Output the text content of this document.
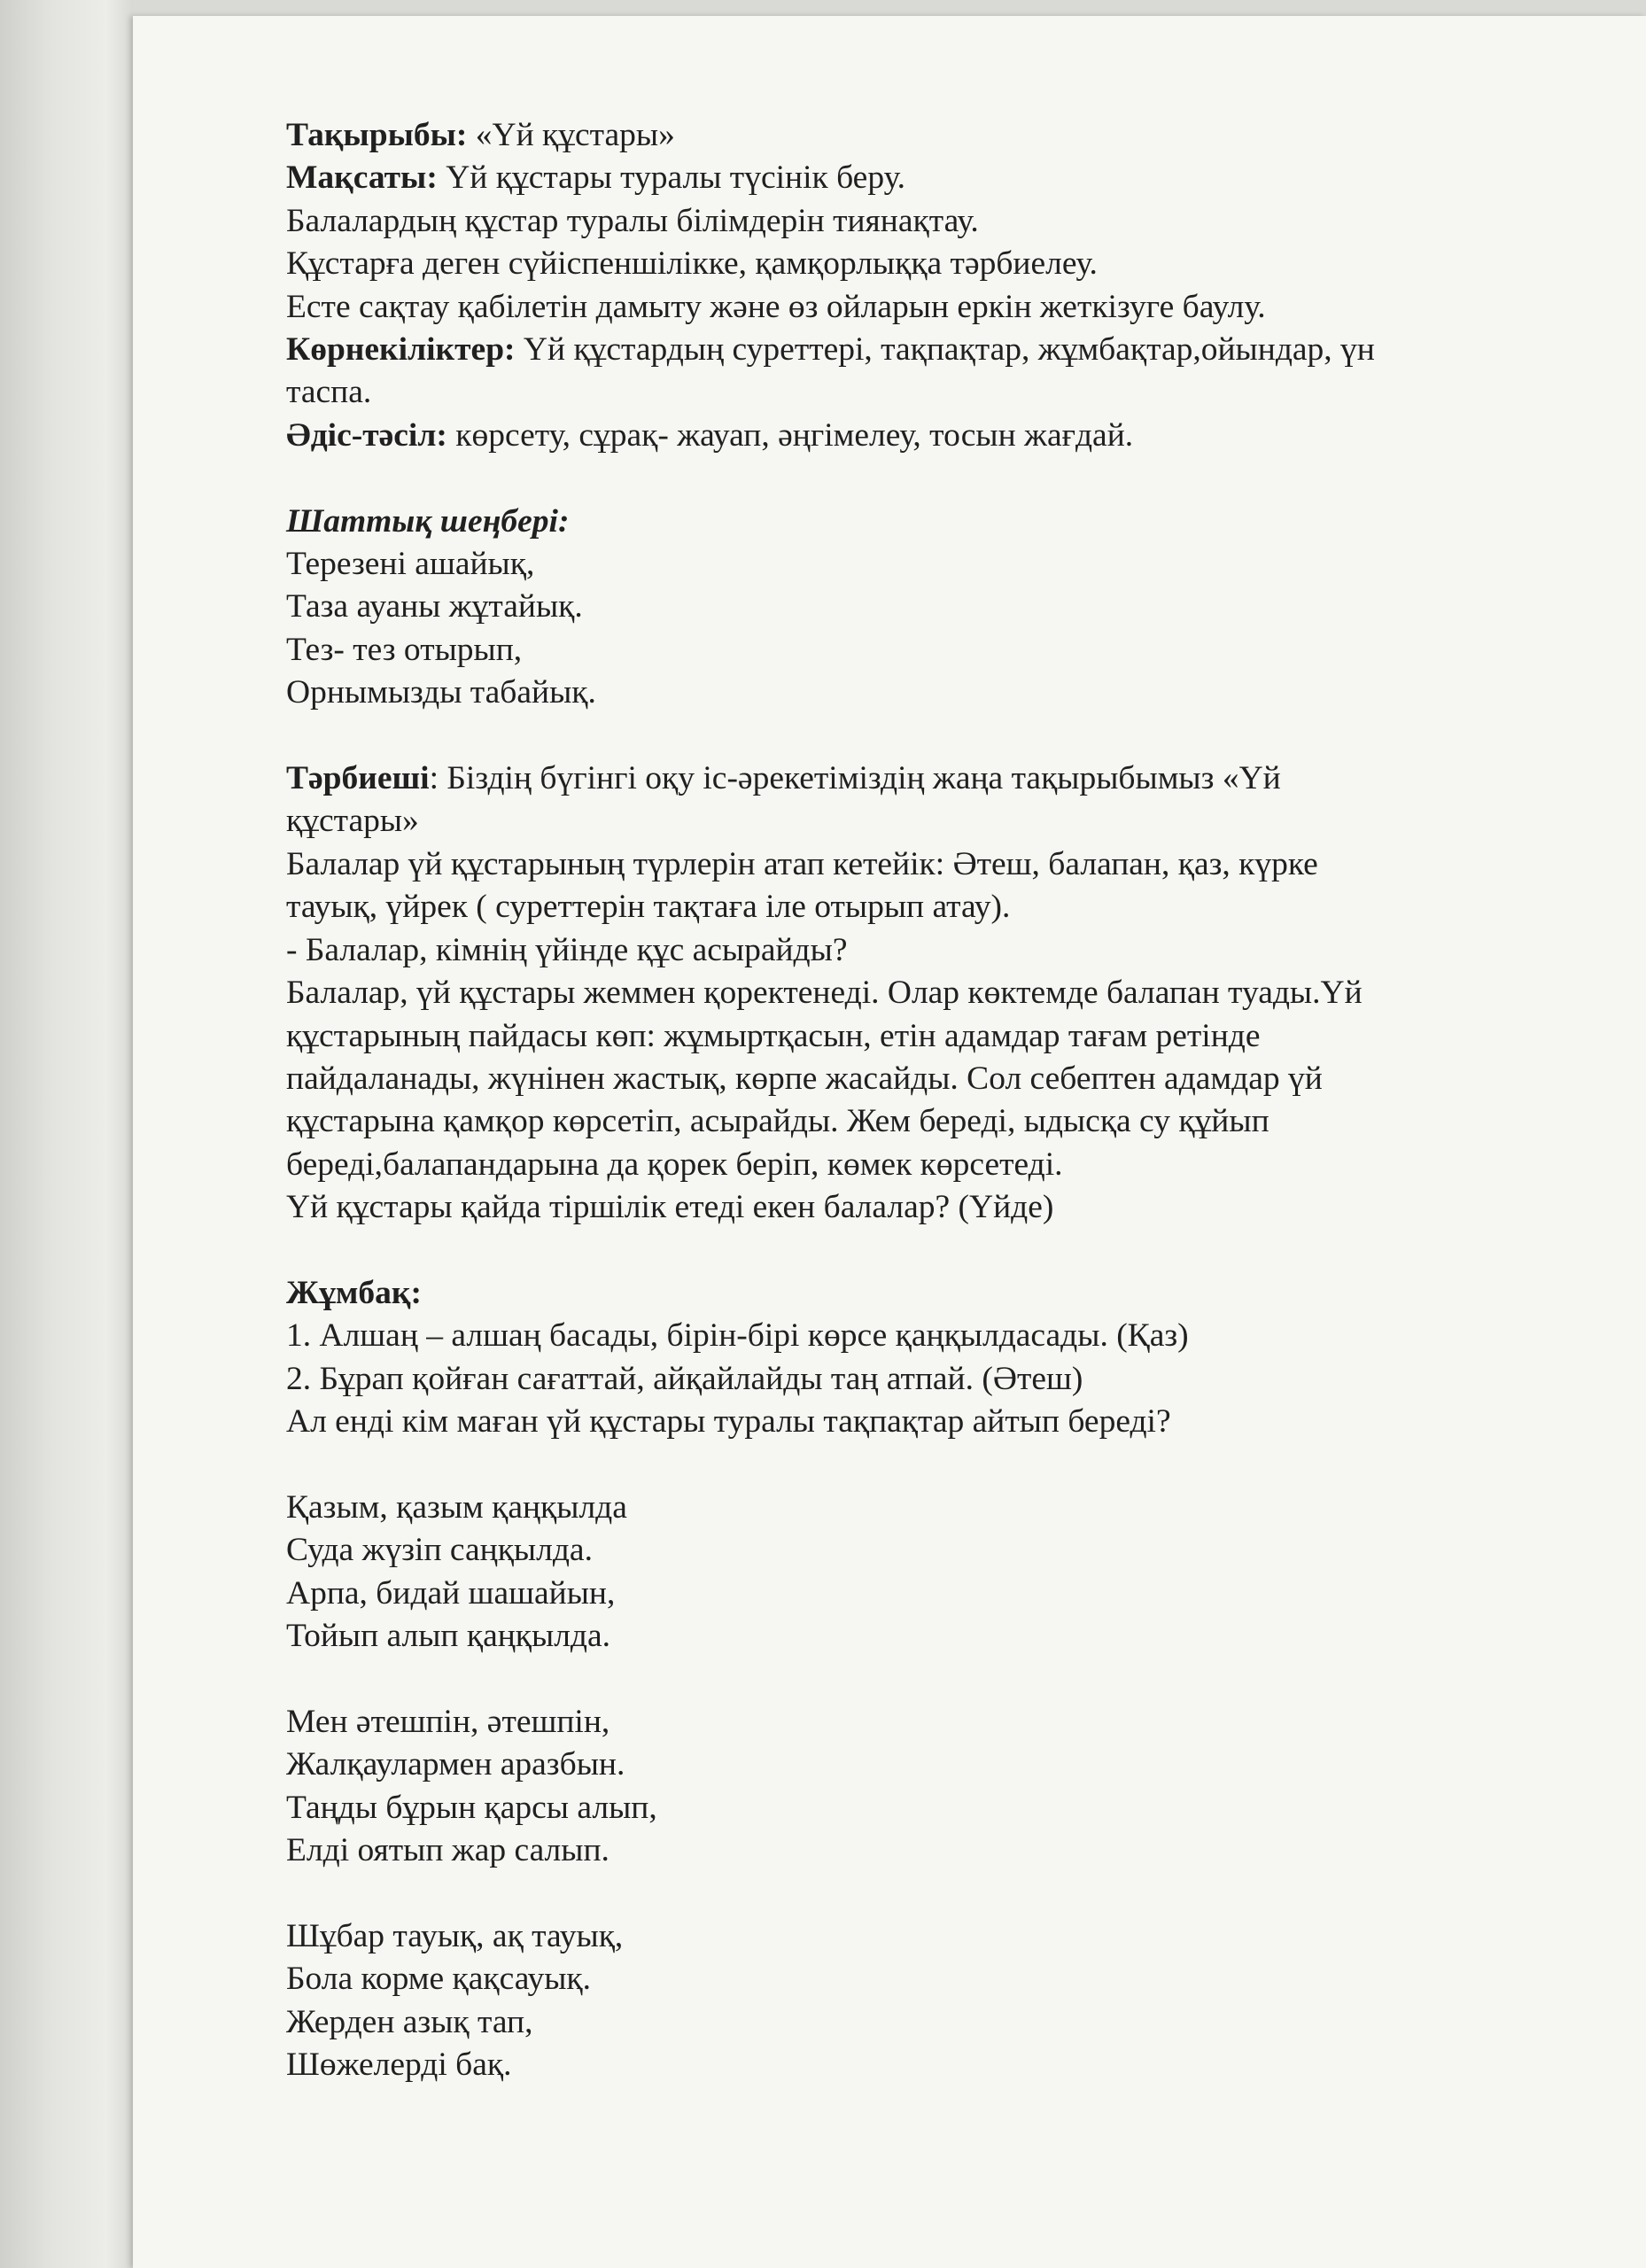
Тақырыбы: «Үй құстары»
Мақсаты: Үй құстары туралы түсінік беру.
Балалардың құстар туралы білімдерін тиянақтау.
Құстарға деген сүйіспеншілікке, қамқорлыққа тәрбиелеу.
Есте сақтау қабілетін дамыту және өз ойларын еркін жеткізуге баулу.
Көрнекіліктер: Үй құстардың суреттері, тақпақтар, жұмбақтар,ойындар, үн
таспа.
Әдіс-тәсіл: көрсету, сұрақ- жауап, әңгімелеу, тосын жағдай.
Шаттық шеңбері:
Терезені ашайық,
Таза ауаны жұтайық.
Тез- тез отырып,
Орнымызды табайық.
Тәрбиеші: Біздің бүгінгі оқу іс-әрекетіміздің жаңа тақырыбымыз «Үй
құстары»
Балалар үй құстарының түрлерін атап кетейік: Әтеш, балапан, қаз, күрке
тауық, үйрек ( суреттерін тақтаға іле отырып атау).
- Балалар, кімнің үйінде құс асырайды?
Балалар, үй құстары жеммен қоректенеді. Олар көктемде балапан туады.Үй
құстарының пайдасы көп: жұмыртқасын, етін адамдар тағам ретінде
пайдаланады, жүнінен жастық, көрпе жасайды. Сол себептен адамдар үй
құстарына қамқор көрсетіп, асырайды. Жем береді, ыдысқа су құйып
береді,балапандарына да қорек беріп, көмек көрсетеді.
Үй құстары қайда тіршілік етеді екен балалар? (Үйде)
Жұмбақ:
1. Алшаң – алшаң басады, бірін-бірі көрсе қаңқылдасады. (Қаз)
2. Бұрап қойған сағаттай, айқайлайды таң атпай. (Әтеш)
Ал енді кім маған үй құстары туралы тақпақтар айтып береді?
Қазым, қазым қаңқылда
Суда жүзіп саңқылда.
Арпа, бидай шашайын,
Тойып алып қаңқылда.
Мен әтешпін, әтешпін,
Жалқаулармен аразбын.
Таңды бұрын қарсы алып,
Елді оятып жар салып.
Шұбар тауық, ақ тауық,
Бола корме қақсауық.
Жерден азық тап,
Шөжелерді бақ.
